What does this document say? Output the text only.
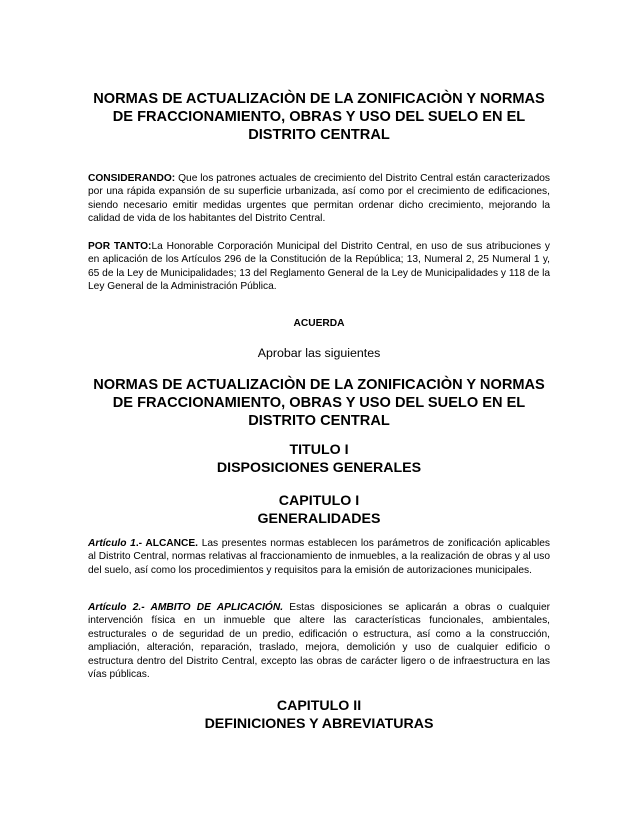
NORMAS DE ACTUALIZACIÒN DE LA ZONIFICACIÒN Y NORMAS DE FRACCIONAMIENTO, OBRAS Y USO DEL SUELO EN EL DISTRITO CENTRAL

CONSIDERANDO: Que los patrones actuales de crecimiento del Distrito Central están caracterizados por una rápida expansión de su superficie urbanizada, así como por el crecimiento de edificaciones, siendo necesario emitir medidas urgentes que permitan ordenar dicho crecimiento, mejorando la calidad de vida de los habitantes del Distrito Central.

POR TANTO:La Honorable Corporación Municipal del Distrito Central, en uso de sus atribuciones y en aplicación de los Artículos 296 de la Constitución de la República; 13, Numeral 2, 25 Numeral 1 y, 65 de la Ley de Municipalidades; 13 del Reglamento General de la Ley de Municipalidades y 118 de la Ley General de la Administración Pública.

ACUERDA

Aprobar las siguientes

NORMAS DE ACTUALIZACIÒN DE LA ZONIFICACIÒN Y NORMAS DE FRACCIONAMIENTO, OBRAS Y USO DEL SUELO EN EL DISTRITO CENTRAL

TITULO I

DISPOSICIONES GENERALES

CAPITULO I

GENERALIDADES

Artículo 1.- ALCANCE. Las presentes normas establecen los parámetros de zonificación aplicables al Distrito Central, normas relativas al fraccionamiento de inmuebles, a la realización de obras y al uso del suelo, así como los procedimientos y requisitos para la emisión de autorizaciones municipales.

Artículo 2.- AMBITO DE APLICACIÓN. Estas disposiciones se aplicarán a obras o cualquier intervención física en un inmueble que altere las características funcionales, ambientales, estructurales o de seguridad de un predio, edificación o estructura, así como a la construcción, ampliación, alteración, reparación, traslado, mejora, demolición y uso de cualquier edificio o estructura dentro del Distrito Central, excepto las obras de carácter ligero o de infraestructura en las vías públicas.

CAPITULO II

DEFINICIONES Y ABREVIATURAS
